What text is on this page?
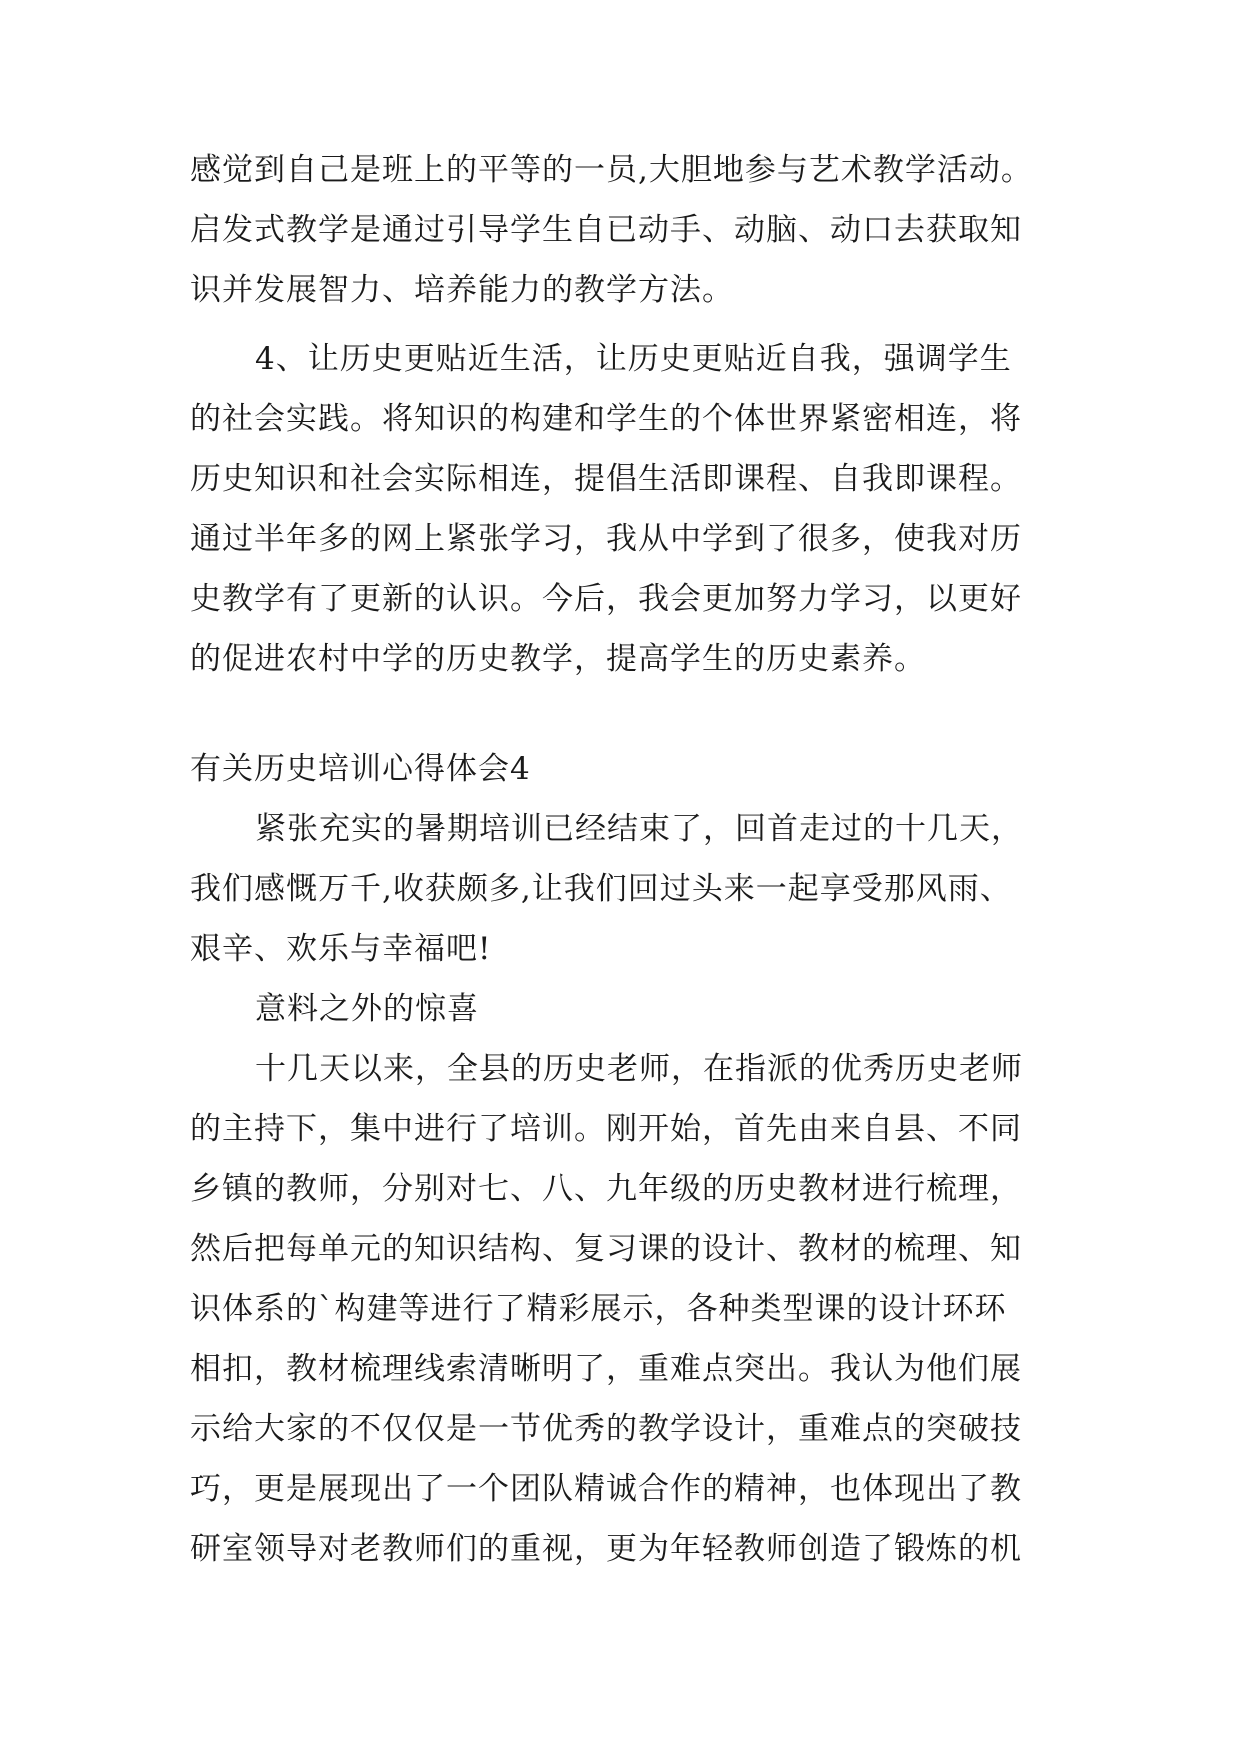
感觉到自己是班上的平等的一员,大胆地参与艺术教学活动。
启发式教学是通过引导学生自已动手、动脑、动口去获取知
识并发展智力、培养能力的教学方法。
4、让历史更贴近生活，让历史更贴近自我，强调学生
的社会实践。将知识的构建和学生的个体世界紧密相连，将
历史知识和社会实际相连，提倡生活即课程、自我即课程。
通过半年多的网上紧张学习，我从中学到了很多，使我对历
史教学有了更新的认识。今后，我会更加努力学习，以更好
的促进农村中学的历史教学，提高学生的历史素养。
有关历史培训心得体会4
紧张充实的暑期培训已经结束了，回首走过的十几天，
我们感慨万千,收获颇多,让我们回过头来一起享受那风雨、
艰辛、欢乐与幸福吧!
意料之外的惊喜
十几天以来，全县的历史老师，在指派的优秀历史老师
的主持下，集中进行了培训。刚开始，首先由来自县、不同
乡镇的教师，分别对七、八、九年级的历史教材进行梳理，
然后把每单元的知识结构、复习课的设计、教材的梳理、知
识体系的`构建等进行了精彩展示，各种类型课的设计环环
相扣，教材梳理线索清晰明了，重难点突出。我认为他们展
示给大家的不仅仅是一节优秀的教学设计，重难点的突破技
巧，更是展现出了一个团队精诚合作的精神，也体现出了教
研室领导对老教师们的重视，更为年轻教师创造了锻炼的机
